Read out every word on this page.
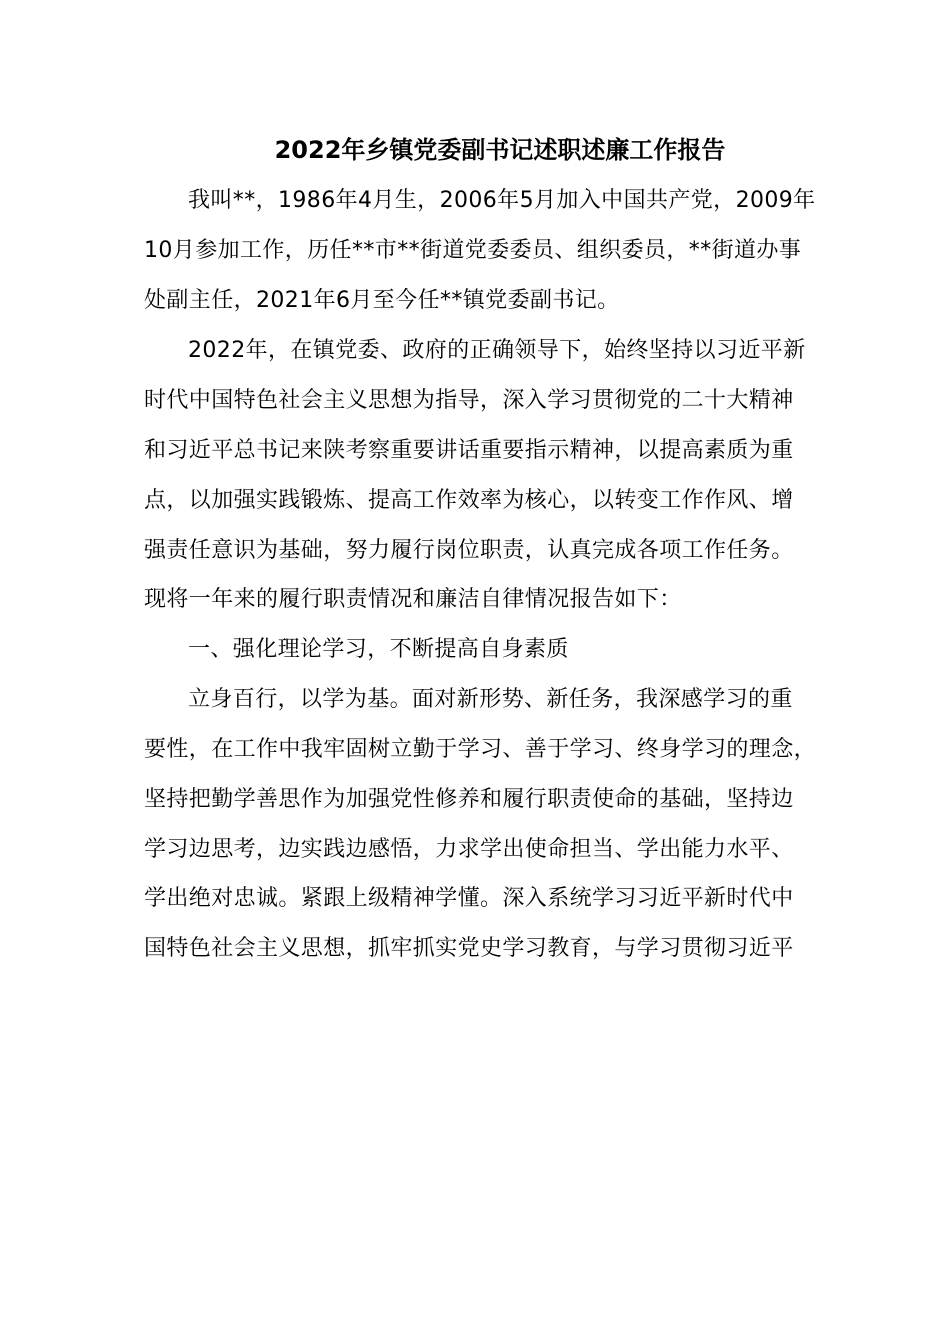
2022年乡镇党委副书记述职述廉工作报告
我叫**，1986年4月生，2006年5月加入中国共产党，2009年
10月参加工作，历任**市**街道党委委员、组织委员，**街道办事
处副主任，2021年6月至今任**镇党委副书记。
2022年，在镇党委、政府的正确领导下，始终坚持以习近平新
时代中国特色社会主义思想为指导，深入学习贯彻党的二十大精神
和习近平总书记来陕考察重要讲话重要指示精神，以提高素质为重
点，以加强实践锻炼、提高工作效率为核心，以转变工作作风、增
强责任意识为基础，努力履行岗位职责，认真完成各项工作任务。
现将一年来的履行职责情况和廉洁自律情况报告如下：
一、强化理论学习，不断提高自身素质
立身百行，以学为基。面对新形势、新任务，我深感学习的重
要性，在工作中我牢固树立勤于学习、善于学习、终身学习的理念，
坚持把勤学善思作为加强党性修养和履行职责使命的基础，坚持边
学习边思考，边实践边感悟，力求学出使命担当、学出能力水平、
学出绝对忠诚。紧跟上级精神学懂。深入系统学习习近平新时代中
国特色社会主义思想，抓牢抓实党史学习教育，与学习贯彻习近平
